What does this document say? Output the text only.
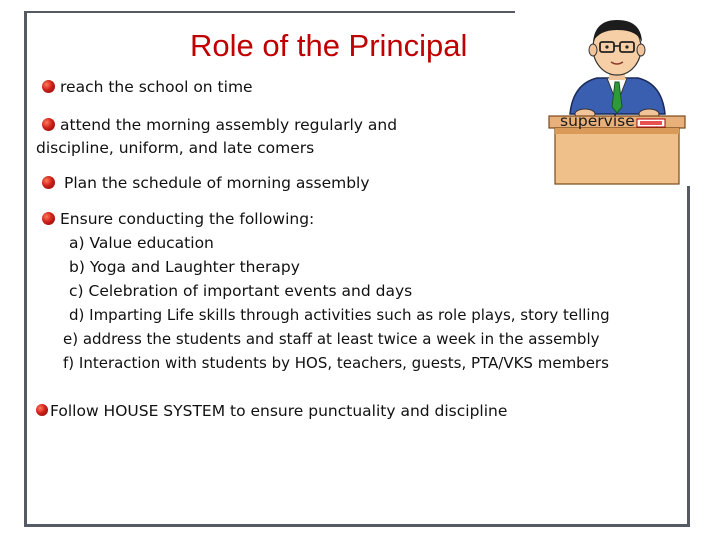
Role of the Principal
supervise
reach the school on time
attend the morning assembly regularly and
discipline, uniform, and late comers
Plan the schedule of morning assembly
Ensure conducting the following:
a) Value education
b) Yoga and Laughter therapy
c) Celebration of important events and days
d) Imparting Life skills through activities such as role plays, story telling
e) address the students and staff at least twice a week in the assembly
f) Interaction with students by HOS, teachers, guests, PTA/VKS members
Follow HOUSE SYSTEM to ensure punctuality and discipline
